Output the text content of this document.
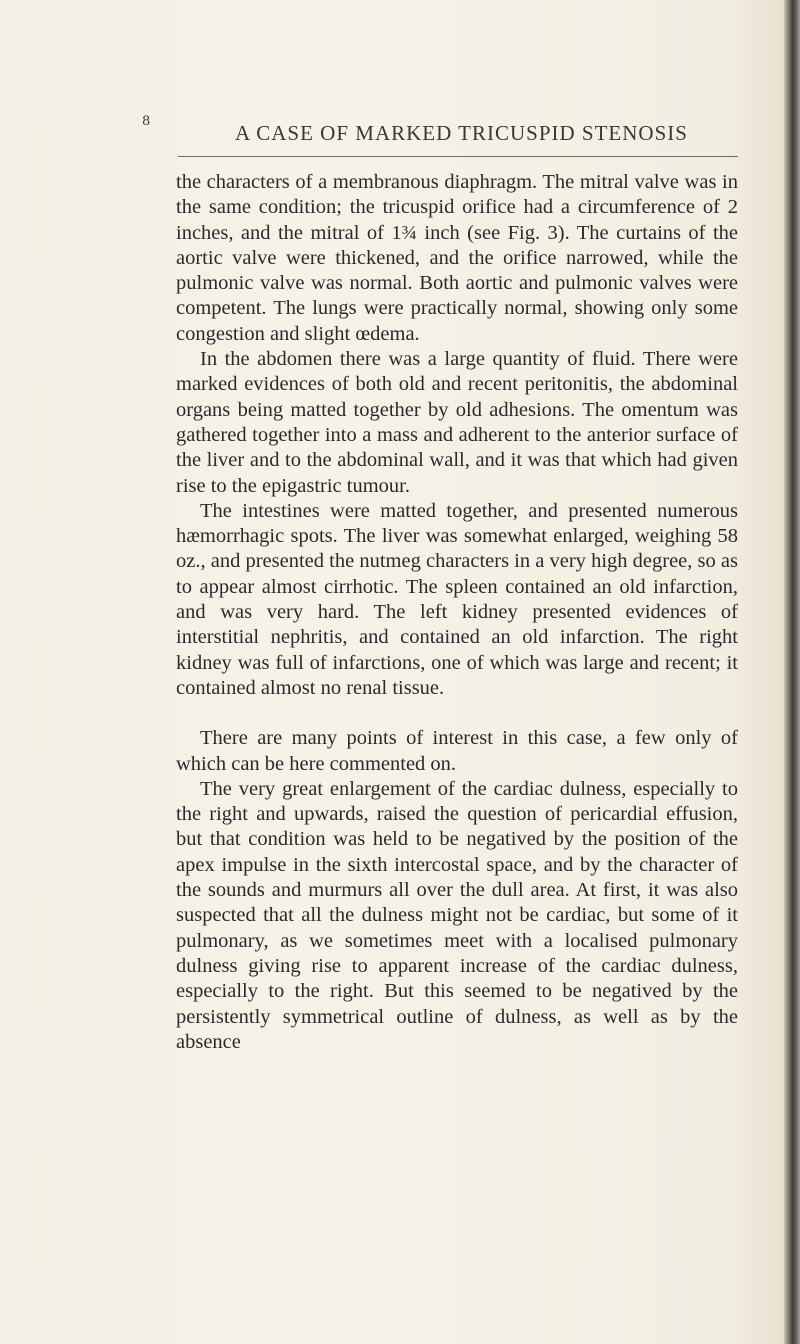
8	A CASE OF MARKED TRICUSPID STENOSIS

the characters of a membranous diaphragm. The mitral valve was in the same condition; the tricuspid orifice had a circumference of 2 inches, and the mitral of 1¾ inch (see Fig. 3). The curtains of the aortic valve were thickened, and the orifice narrowed, while the pulmonic valve was normal. Both aortic and pulmonic valves were competent. The lungs were practically normal, showing only some congestion and slight œdema.

In the abdomen there was a large quantity of fluid. There were marked evidences of both old and recent peritonitis, the abdominal organs being matted together by old adhesions. The omentum was gathered together into a mass and adherent to the anterior surface of the liver and to the abdominal wall, and it was that which had given rise to the epigastric tumour.

The intestines were matted together, and presented numerous hæmorrhagic spots. The liver was somewhat enlarged, weighing 58 oz., and presented the nutmeg characters in a very high degree, so as to appear almost cirrhotic. The spleen contained an old infarction, and was very hard. The left kidney presented evidences of interstitial nephritis, and contained an old infarction. The right kidney was full of infarctions, one of which was large and recent; it contained almost no renal tissue.

There are many points of interest in this case, a few only of which can be here commented on.

The very great enlargement of the cardiac dulness, especially to the right and upwards, raised the question of pericardial effusion, but that condition was held to be negatived by the position of the apex impulse in the sixth intercostal space, and by the character of the sounds and murmurs all over the dull area. At first, it was also suspected that all the dulness might not be cardiac, but some of it pulmonary, as we sometimes meet with a localised pulmonary dulness giving rise to apparent increase of the cardiac dulness, especially to the right. But this seemed to be negatived by the persistently symmetrical outline of dulness, as well as by the absence
